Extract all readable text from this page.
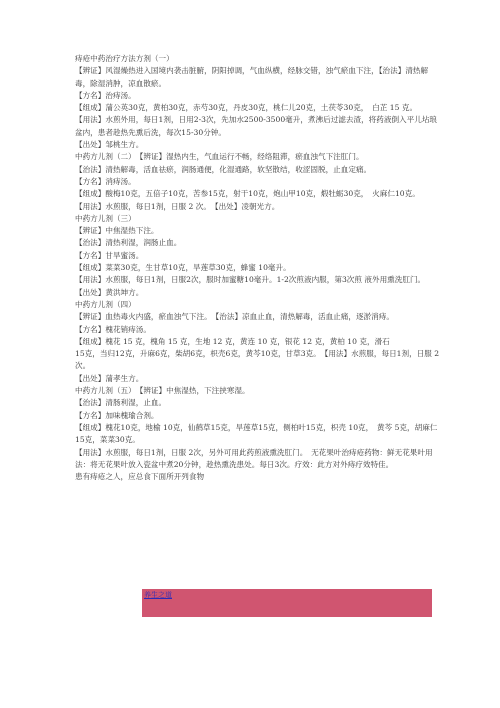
痔疮中药治疗方法方剂（一）
【辨证】风湿燥热进入国境内袭击脏腑，阴阳掉调，气血纵横，经脉交错，浊气瘀血下注，【治法】清热解毒，除湿消肿，凉血散瘀。
【方名】治痔汤。
【组成】蒲公英30克，黄柏30克，赤芍30克，丹皮30克，桃仁儿20克，土茯苓30克，　白芷 15 克。
【用法】水煎外用，每日1剂，日用2-3次，先加水2500-3500毫升，煮沸后过滤去渣，将药液倒入平儿坫琅盆内，患者趁热先熏后洗，每次15-30分钟。
【出处】邹桃生方。
中药方儿剂（二）　【辨证】湿热内生，气血运行不畅，经络阻滞，瘀血浊气下注肛门。
【治法】清热解毒，活血祛瘀，润肠通便，化湿通路，软坚散结，收涩固脱，止血定痛。
【方名】消痔汤。
【组成】酸梅10克，五倍子10克，苦参15克，射干10克，炮山甲10克，煅牡蛎30克，　火麻仁10克。
【用法】水煎服，每日1剂，日服 2 次。　【出处】凌朝光方。
中药方儿剂（三）
【辨证】中焦湿热下注。
【治法】清热利湿，润肠止血。
【方名】甘旱蜜汤。
【组成】菜菜30克，生甘草10克，旱莲草30克，蜂蜜 10毫升。
【用法】水煎服，每日1剂，日服2次，服时加蜜糖10毫升。1-2次煎液内服，第3次煎 液外用熏洗肛门。
【出处】黄洪坤方。
中药方儿剂（四）
【辨证】血热毒火内盛，瘀血浊气下注。　【治法】凉血止血，清热解毒，活血止痛，逐淤消痔。
【方名】槐花销痔汤。
【组成】槐花 15 克，槐角 15 克，生地 12 克，黄连 10 克，银花 12 克，黄柏 10 克，滑石
15克，当归12克，升麻6克，柴胡6克，枳壳6克，黄芩10克，甘草3克。　【用法】水煎服，每日1剂，日服 2次。
【出处】蒲孝生方。
中药方儿剂（五）　【辨证】中焦湿热，下注挟寒湿。
【治法】清肠利湿，止血。
【方名】加味槐瑜合剂。
【组成】槐花10克，地榆 10克，仙鹤草15克，旱莲草15克，侧柏叶15克，枳壳 10克，　黄芩 5克，胡麻仁15克，菜菜30克。
【用法】水煎服，每日1剂，日服 2次，另外可用此药煎液熏洗肛门。　无花果叶治痔疮药物：鲜无花果叶用法：将无花果叶放入瓷盆中煮20分钟，趁热熏洗患处。每日3次。疗效：此方对外痔疗效特佳。
患有痔疮之人，应总食下面所开列食物
养生之道
